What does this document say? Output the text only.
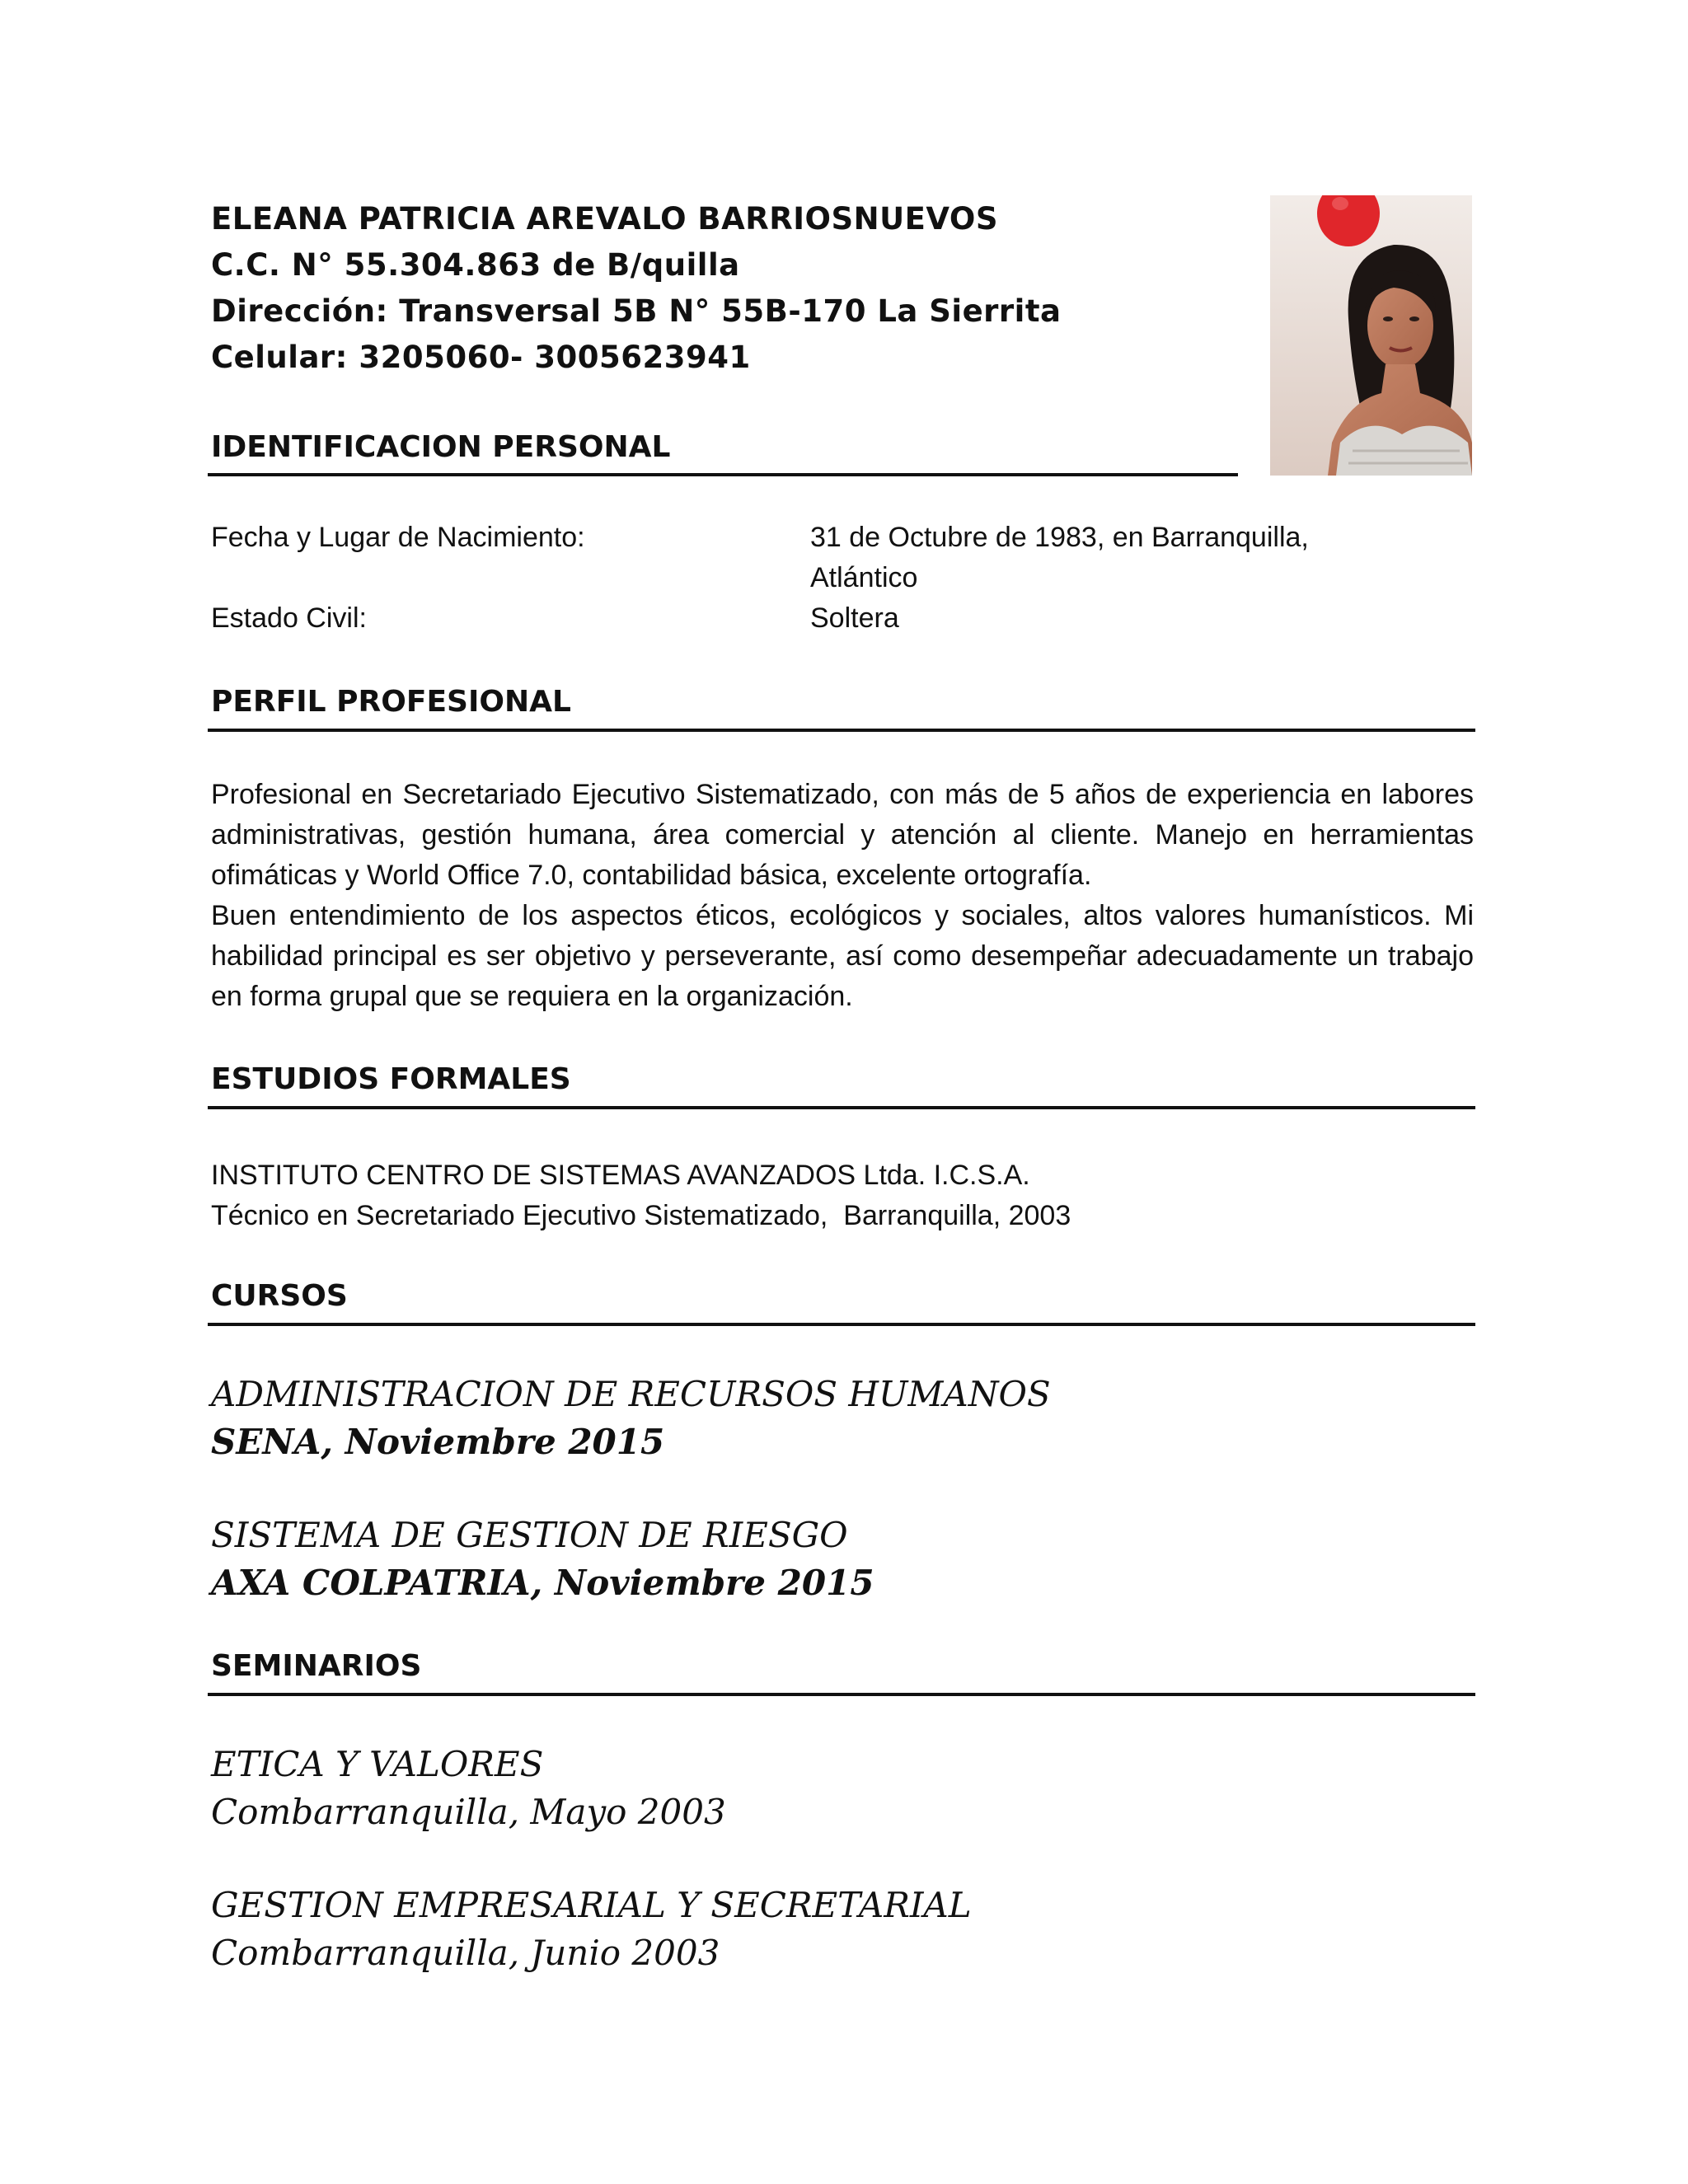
ELEANA PATRICIA AREVALO BARRIOSNUEVOS
C.C. N° 55.304.863 de B/quilla
Dirección: Transversal 5B N° 55B-170 La Sierrita
Celular: 3205060- 3005623941
IDENTIFICACION PERSONAL
Fecha y Lugar de Nacimiento:	31 de Octubre de 1983, en Barranquilla,
Atlántico
Estado Civil:	Soltera
PERFIL PROFESIONAL

Profesional en Secretariado Ejecutivo Sistematizado, con más de 5 años de experiencia en labores administrativas, gestión humana, área comercial y atención al cliente. Manejo en herramientas ofimáticas y World Office 7.0, contabilidad básica, excelente ortografía.

Buen entendimiento de los aspectos éticos, ecológicos y sociales, altos valores humanísticos. Mi habilidad principal es ser objetivo y perseverante, así como desempeñar adecuadamente un trabajo en forma grupal que se requiera en la organización.

ESTUDIOS FORMALES
INSTITUTO CENTRO DE SISTEMAS AVANZADOS Ltda. I.C.S.A.
Técnico en Secretariado Ejecutivo Sistematizado,  Barranquilla, 2003
CURSOS
ADMINISTRACION DE RECURSOS HUMANOS
SENA, Noviembre 2015
SISTEMA DE GESTION DE RIESGO
AXA COLPATRIA, Noviembre 2015
SEMINARIOS
ETICA Y VALORES
Combarranquilla, Mayo 2003
GESTION EMPRESARIAL Y SECRETARIAL
Combarranquilla, Junio 2003
